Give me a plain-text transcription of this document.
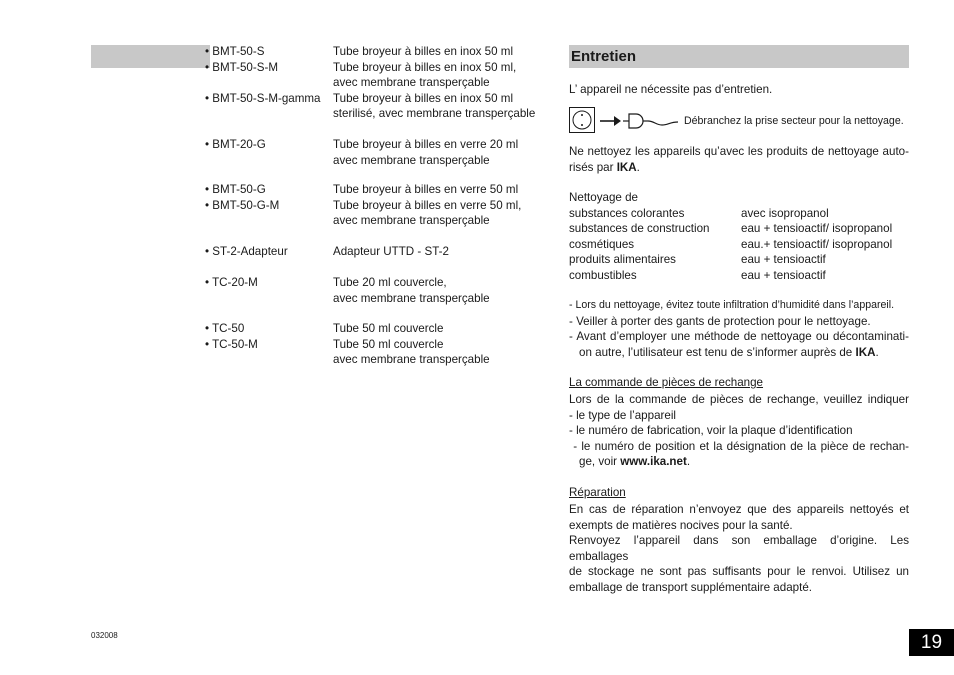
• BMT-50-S	Tube broyeur à billes en inox 50 ml
• BMT-50-S-M	Tube broyeur à billes en inox 50 ml,
avec membrane transperçable
• BMT-50-S-M-gamma	Tube broyeur à billes en inox 50 ml
sterilisé, avec membrane transperçable
• BMT-20-G	Tube broyeur à billes en verre 20 ml
avec membrane transperçable
• BMT-50-G	Tube broyeur à billes en verre 50 ml
• BMT-50-G-M	Tube broyeur à billes en verre 50 ml,
avec membrane transperçable
• ST-2-Adapteur	Adapteur UTTD - ST-2
• TC-20-M	Tube 20 ml couvercle,
avec membrane transperçable
• TC-50	Tube 50 ml couvercle
• TC-50-M	Tube 50 ml couvercle
avec membrane transperçable
Entretien
L’ appareil ne nécessite pas d’entretien.
Débranchez la prise secteur pour la nettoyage.
Ne nettoyez les appareils qu’avec les produits de nettoyage auto-
risés par IKA.
Nettoyage de
substances colorantes	avec isopropanol
substances de construction	eau + tensioactif/ isopropanol
cosmétiques	eau.+ tensioactif/ isopropanol
produits alimentaires	eau + tensioactif
combustibles	eau + tensioactif
- Lors du nettoyage, évitez toute infiltration d’humidité dans l’appareil.
- Veiller à porter des gants de protection pour le nettoyage.
- Avant d’employer une méthode de nettoyage ou décontaminati-
on autre, l’utilisateur est tenu de s’informer auprès de IKA.
La commande de pièces de rechange
Lors de la commande de pièces de rechange, veuillez indiquer
- le type de l’appareil
- le numéro de fabrication, voir la plaque d’identification
- le numéro de position et la désignation de la pièce de rechan-
ge, voir www.ika.net.
Réparation
En cas de réparation n’envoyez que des appareils nettoyés et
exempts de matières nocives pour la santé.
Renvoyez l’appareil dans son emballage d’origine. Les emballages
de stockage ne sont pas suffisants pour le renvoi. Utilisez un
emballage de transport supplémentaire adapté.
032008	19
